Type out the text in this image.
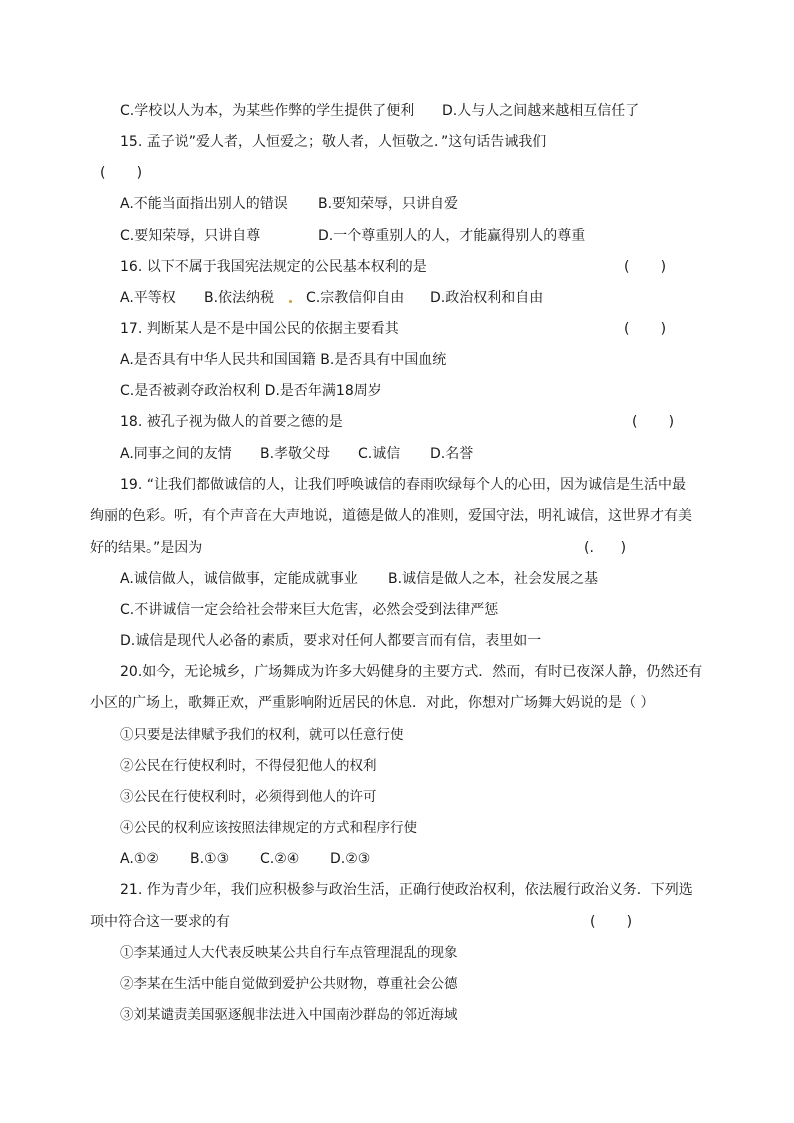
C.学校以人为本，为某些作弊的学生提供了便利 D.人与人之间越来越相互信任了
15. 孟子说”爱人者，人恒爱之；敬人者，人恒敬之．”这句话告诫我们
(       )
A.不能当面指出别人的错误 B.要知荣辱，只讲自爱
C.要知荣辱，只讲自尊	D.一个尊重别人的人，才能赢得别人的尊重
16. 以下不属于我国宪法规定的公民基本权利的是	(       )
A.平等权 B.依法纳税 C.宗教信仰自由 D.政治权利和自由
17. 判断某人是不是中国公民的依据主要看其	(       )
A.是否具有中华人民共和国国籍 B.是否具有中国血统
C.是否被剥夺政治权利 D.是否年满18周岁
18. 被孔子视为做人的首要之德的是	(       )
A.同事之间的友情 B.孝敬父母 C.诚信 D.名誉
19. “让我们都做诚信的人，让我们呼唤诚信的春雨吹绿每个人的心田，因为诚信是生活中最
绚丽的色彩。听，有个声音在大声地说，道德是做人的准则，爱国守法，明礼诚信，这世界才有美
好的结果。”是因为	(.      )
A.诚信做人，诚信做事，定能成就事业 B.诚信是做人之本，社会发展之基
C.不讲诚信一定会给社会带来巨大危害，必然会受到法律严惩
D.诚信是现代人必备的素质，要求对任何人都要言而有信，表里如一
20.如今，无论城乡，广场舞成为许多大妈健身的主要方式．然而，有时已夜深人静，仍然还有
小区的广场上，歌舞正欢，严重影响附近居民的休息．对此，你想对广场舞大妈说的是（ ）
①只要是法律赋予我们的权利，就可以任意行使
②公民在行使权利时，不得侵犯他人的权利
③公民在行使权利时，必须得到他人的许可
④公民的权利应该按照法律规定的方式和程序行使
A.①② B.①③ C.②④ D.②③
21. 作为青少年，我们应积极参与政治生活，正确行使政治权利，依法履行政治义务．下列选
项中符合这一要求的有	(       )
①李某通过人大代表反映某公共自行车点管理混乱的现象
②李某在生活中能自觉做到爱护公共财物，尊重社会公德
③刘某谴责美国驱逐舰非法进入中国南沙群岛的邻近海域
